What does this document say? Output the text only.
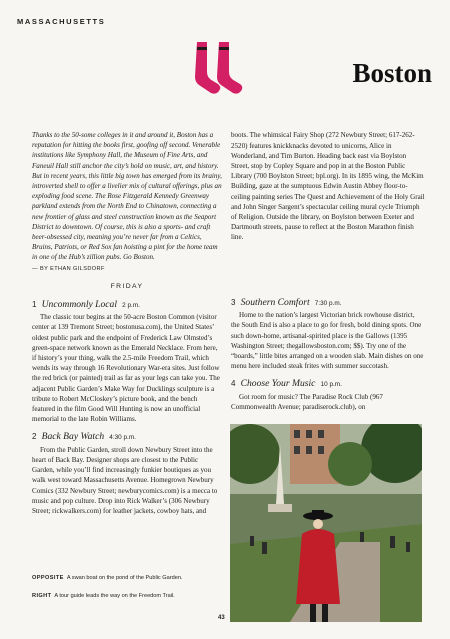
MASSACHUSETTS
Boston

Thanks to the 50-some colleges in it and around it, Boston has a reputation for hitting the books first, goofing off second. Venerable institutions like Symphony Hall, the Museum of Fine Arts, and Faneuil Hall still anchor the city’s hold on music, art, and history. But in recent years, this little big town has emerged from its brainy, introverted shell to offer a livelier mix of cultural offerings, plus an exploding food scene. The Rose Fitzgerald Kennedy Greenway parkland extends from the North End to Chinatown, connecting a new frontier of glass and steel construction known as the Seaport District to downtown. Of course, this is also a sports- and craft beer-obsessed city, meaning you’re never far from a Celtics, Bruins, Patriots, or Red Sox fan hoisting a pint for the home team in one of the Hub’s zillion pubs. Go Boston.

— BY ETHAN GILSDORF

FRIDAY
1 Uncommonly Local 2 p.m.

The classic tour begins at the 50-acre Boston Common (visitor center at 139 Tremont Street; bostonusa.com), the United States’ oldest public park and the endpoint of Frederick Law Olmsted’s green-space network known as the Emerald Necklace. From here, if history’s your thing, walk the 2.5-mile Freedom Trail, which wends its way through 16 Revolutionary War-era sites. Just follow the red brick (or painted) trail as far as your legs can take you. The adjacent Public Garden’s Make Way for Ducklings sculpture is a tribute to Robert McCloskey’s picture book, and the bench featured in the film Good Will Hunting is now an unofficial memorial to the late Robin Williams.

2 Back Bay Watch 4:30 p.m.

From the Public Garden, stroll down Newbury Street into the heart of Back Bay. Designer shops are closest to the Public Garden, while you’ll find increasingly funkier boutiques as you walk west toward Massachusetts Avenue. Homegrown Newbury Comics (332 Newbury Street; newburycomics.com) is a mecca to music and pop culture. Drop into Rick Walker’s (306 Newbury Street; rickwalkers.com) for leather jackets, cowboy hats, and

OPPOSITE A swan boat on the pond of the Public Garden.
RIGHT A tour guide leads the way on the Freedom Trail.
boots. The whimsical Fairy Shop (272 Newbury Street; 617-262-2520) features knickknacks devoted to unicorns, Alice in Wonderland, and Tim Burton. Heading back east via Boylston Street, stop by Copley Square and pop in at the Boston Public Library (700 Boylston Street; bpl.org). In its 1895 wing, the McKim Building, gaze at the sumptuous Edwin Austin Abbey floor-to-ceiling painting series The Quest and Achievement of the Holy Grail and John Singer Sargent’s spectacular ceiling mural cycle Triumph of Religion. Outside the library, on Boylston between Exeter and Dartmouth streets, pause to reflect at the Boston Marathon finish line.
3 Southern Comfort 7:30 p.m.

Home to the nation’s largest Victorian brick rowhouse district, the South End is also a place to go for fresh, bold dining spots. One such down-home, artisanal-spirited place is the Gallows (1395 Washington Street; thegallowsboston.com; $$). Try one of the “boards,” little bites arranged on a wooden slab. Main dishes on one menu here included steak frites with summer succotash.

4 Choose Your Music 10 p.m.

Got room for music? The Paradise Rock Club (967 Commonwealth Avenue; paradiserock.club), on

43
